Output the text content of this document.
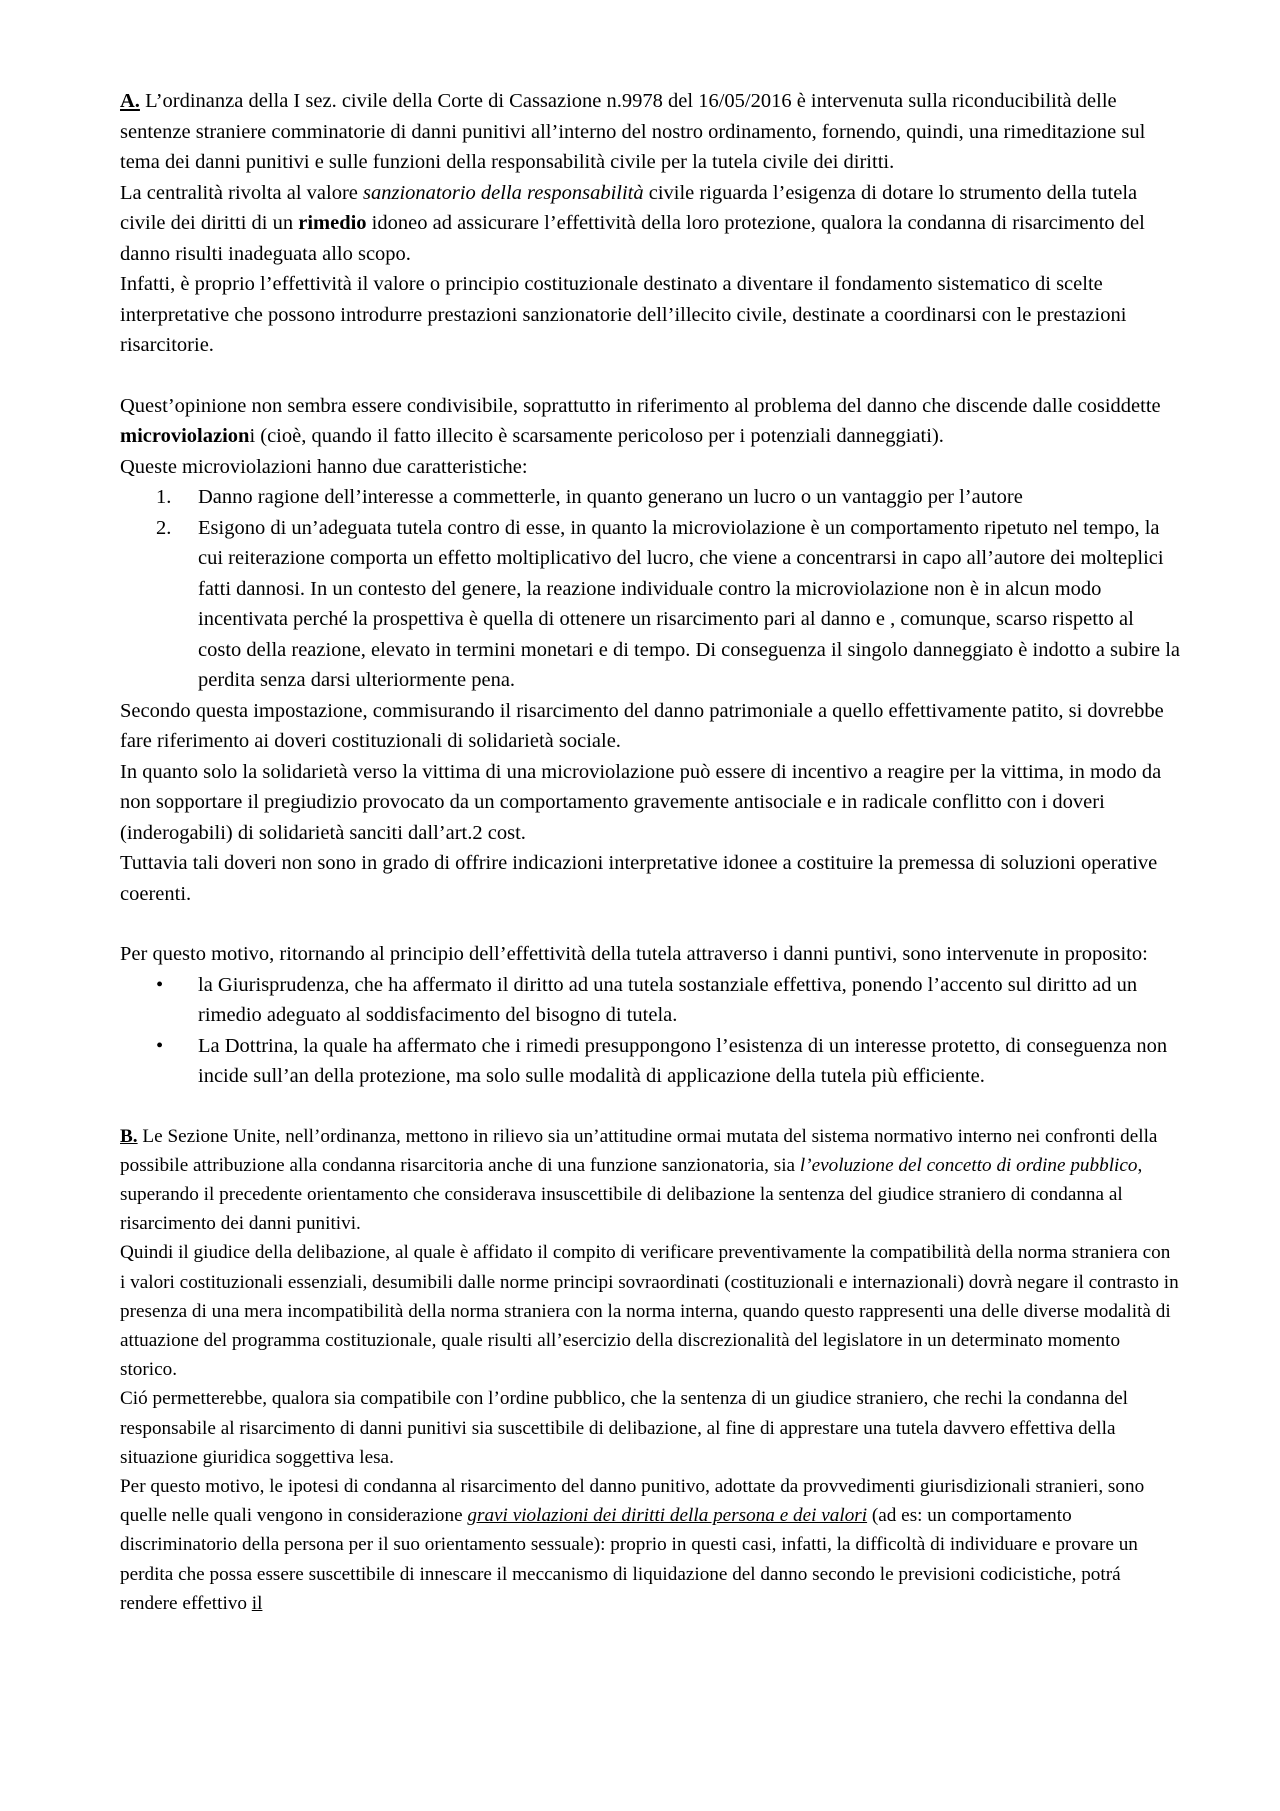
A. L’ordinanza della I sez. civile della Corte di Cassazione n.9978 del 16/05/2016 è intervenuta sulla riconducibilità delle sentenze straniere comminatorie di danni punitivi all’interno del nostro ordinamento, fornendo, quindi, una rimeditazione sul tema dei danni punitivi e sulle funzioni della responsabilità civile per la tutela civile dei diritti.

La centralità rivolta al valore sanzionatorio della responsabilità civile riguarda l’esigenza di dotare lo strumento della tutela civile dei diritti di un rimedio idoneo ad assicurare l’effettività della loro protezione, qualora la condanna di risarcimento del danno risulti inadeguata allo scopo.

Infatti, è proprio l’effettività il valore o principio costituzionale destinato a diventare il fondamento sistematico di scelte interpretative che possono introdurre prestazioni sanzionatorie dell’illecito civile, destinate a coordinarsi con le prestazioni risarcitorie.

Quest’opinione non sembra essere condivisibile, soprattutto in riferimento al problema del danno che discende dalle cosiddette microviolazioni (cioè, quando il fatto illecito è scarsamente pericoloso per i potenziali danneggiati).

Queste microviolazioni hanno due caratteristiche:

1. Danno ragione dell’interesse a commetterle, in quanto generano un lucro o un vantaggio per l’autore
2. Esigono di un’adeguata tutela contro di esse, in quanto la microviolazione è un comportamento ripetuto nel tempo, la cui reiterazione comporta un effetto moltiplicativo del lucro, che viene a concentrarsi in capo all’autore dei molteplici fatti dannosi. In un contesto del genere, la reazione individuale contro la microviolazione non è in alcun modo incentivata perché la prospettiva è quella di ottenere un risarcimento pari al danno e , comunque, scarso rispetto al costo della reazione, elevato in termini monetari e di tempo. Di conseguenza il singolo danneggiato è indotto a subire la perdita senza darsi ulteriormente pena.

Secondo questa impostazione, commisurando il risarcimento del danno patrimoniale a quello effettivamente patito, si dovrebbe fare riferimento ai doveri costituzionali di solidarietà sociale.

In quanto solo la solidarietà verso la vittima di una microviolazione può essere di incentivo a reagire per la vittima, in modo da non sopportare il pregiudizio provocato da un comportamento gravemente antisociale e in radicale conflitto con i doveri (inderogabili) di solidarietà sanciti dall’art.2 cost.

Tuttavia tali doveri non sono in grado di offrire indicazioni interpretative idonee a costituire la premessa di soluzioni operative coerenti.

Per questo motivo, ritornando al principio dell’effettività della tutela attraverso i danni puntivi, sono intervenute in proposito:

• la Giurisprudenza, che ha affermato il diritto ad una tutela sostanziale effettiva, ponendo l’accento sul diritto ad un rimedio adeguato al soddisfacimento del bisogno di tutela.
• La Dottrina, la quale ha affermato che i rimedi presuppongono l’esistenza di un interesse protetto, di conseguenza non incide sull’an della protezione, ma solo sulle modalità di applicazione della tutela più efficiente.

B. Le Sezione Unite, nell’ordinanza, mettono in rilievo sia un’attitudine ormai mutata del sistema normativo interno nei confronti della possibile attribuzione alla condanna risarcitoria anche di una funzione sanzionatoria, sia l’evoluzione del concetto di ordine pubblico, superando il precedente orientamento che considerava insuscettibile di delibazione la sentenza del giudice straniero di condanna al risarcimento dei danni punitivi.

Quindi il giudice della delibazione, al quale è affidato il compito di verificare preventivamente la compatibilità della norma straniera con i valori costituzionali essenziali, desumibili dalle norme principi sovraordinati (costituzionali e internazionali) dovrà negare il contrasto in presenza di una mera incompatibilità della norma straniera con la norma interna, quando questo rappresenti una delle diverse modalità di attuazione del programma costituzionale, quale risulti all’esercizio della discrezionalità del legislatore in un determinato momento storico.

Ció permetterebbe, qualora sia compatibile con l’ordine pubblico, che la sentenza di un giudice straniero, che rechi la condanna del responsabile al risarcimento di danni punitivi sia suscettibile di delibazione, al fine di apprestare una tutela davvero effettiva della situazione giuridica soggettiva lesa.

Per questo motivo, le ipotesi di condanna al risarcimento del danno punitivo, adottate da provvedimenti giurisdizionali stranieri, sono quelle nelle quali vengono in considerazione gravi violazioni dei diritti della persona e dei valori (ad es: un comportamento discriminatorio della persona per il suo orientamento sessuale): proprio in questi casi, infatti, la difficoltà di individuare e provare un perdita che possa essere suscettibile di innescare il meccanismo di liquidazione del danno secondo le previsioni codicistiche, potrá rendere effettivo il
